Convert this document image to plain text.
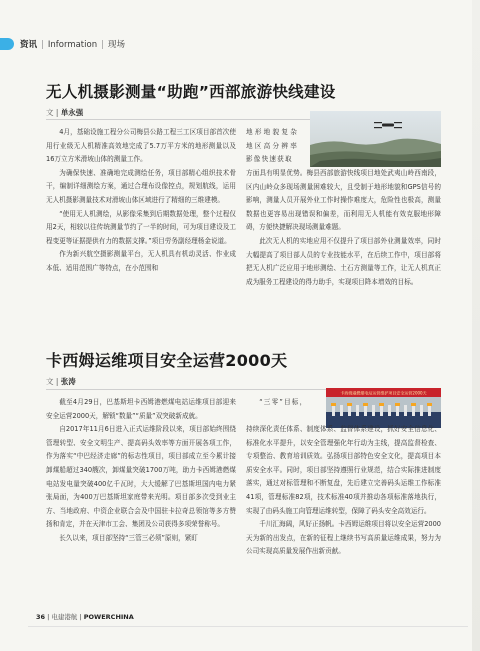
资讯 | Information | 现场
无人机摄影测量“助跑”西部旅游快线建设
文 | 单永强
地形地貌复杂地区高分辨率影像快速获取

4月，基础设施工程分公司梅县公路工程三工区项目部首次使用行业级无人机精准高效地完成了5.7万平方米的地形测量以及16万立方米滑坡山体的测量工作。

为确保快速、准确地完成测绘任务，项目部精心组织技术骨干，编制详细测绘方案，通过合理布设像控点，规划航线，运用无人机摄影测量技术对滑坡山体区域进行了精细的三维建模。

“使用无人机测绘，从影像采集到后期数据处理，整个过程仅用2天，相较以往传统测量节约了一半的时间，可为项目建设及工程变更等证据提供有力的数据支撑。”项目劳务副经理杨金说道。

作为新兴航空摄影测量平台，无人机具有机动灵活、作业成本低、适用范围广等特点，在小范围和

方面具有明显优势。梅县西部旅游快线项目地处武夷山岭西南段，区内山岭众多现场测量困难较大，且受制于地形地貌和GPS信号的影响，测量人员开展外业工作时操作难度大，危险性也极高，测量数据也更容易出现错误和偏差，而利用无人机能有效克服地形障碍，方便快捷解决现场测量难题。

此次无人机的实地应用不仅提升了项目部外业测量效率，同时大幅提高了项目部人员的专业技能水平，在后续工作中，项目部将把无人机广泛应用于地形测绘、土石方测量等工作，让无人机真正成为服务工程建设的得力助手，实现项目降本增效的目标。

卡西姆运维项目安全运营2000天
文 | 张涛
卡西姆港燃煤电站运营维护项目安全运营2000天
“三零”目标，

截至4月29日，巴基斯坦卡西姆港燃煤电站运维项目部迎来安全运营2000天，解锁“数量”“质量”双突破新成就。

自2017年11月6日进入正式运维阶段以来，项目部始终围绕管理转型、安全文明生产、提高码头效率等方面开展各项工作，作为落实“中巴经济走廊”的标志性项目，项目部成立至今累计接卸煤船超过340艘次，卸煤量突破1700万吨，助力卡西姆港燃煤电站发电量突破400亿千瓦时，大大缓解了巴基斯坦国内电力紧张局面，为400万巴基斯坦家庭带来光明。项目部多次受到业主方、当地政府、中资企业联合会及中国驻卡拉奇总领馆等多方赞扬和肯定，并在天津市工会、集团及公司获得多项荣誉称号。

长久以来，项目部坚持“三管三必须”原则，紧盯

持续深化责任体系、制度体系、监督体系建设，抓好安全信息化、标准化水平提升，以安全管理强化年行动为主线，提高监督检查、专项整治、教育培训质效。弘扬项目部特色安全文化，提高项目本质安全水平。同时，项目部坚持遵照行业规范，结合实际推进制度落实，通过对标管理和不断复盘，先后建立完善码头运维工作标准41项，管理标准82项，技术标准40项并推动各项标准落地执行，实现了由码头施工向管理运维转型，保障了码头安全高效运行。

千川汇海阔，风好正扬帆。卡西姆运维项目将以安全运营2000天为新的出发点，在新的征程上继续书写高质量运维成果，努力为公司实现高质量发展作出新贡献。

36 | 电建港航 | POWERCHINA
